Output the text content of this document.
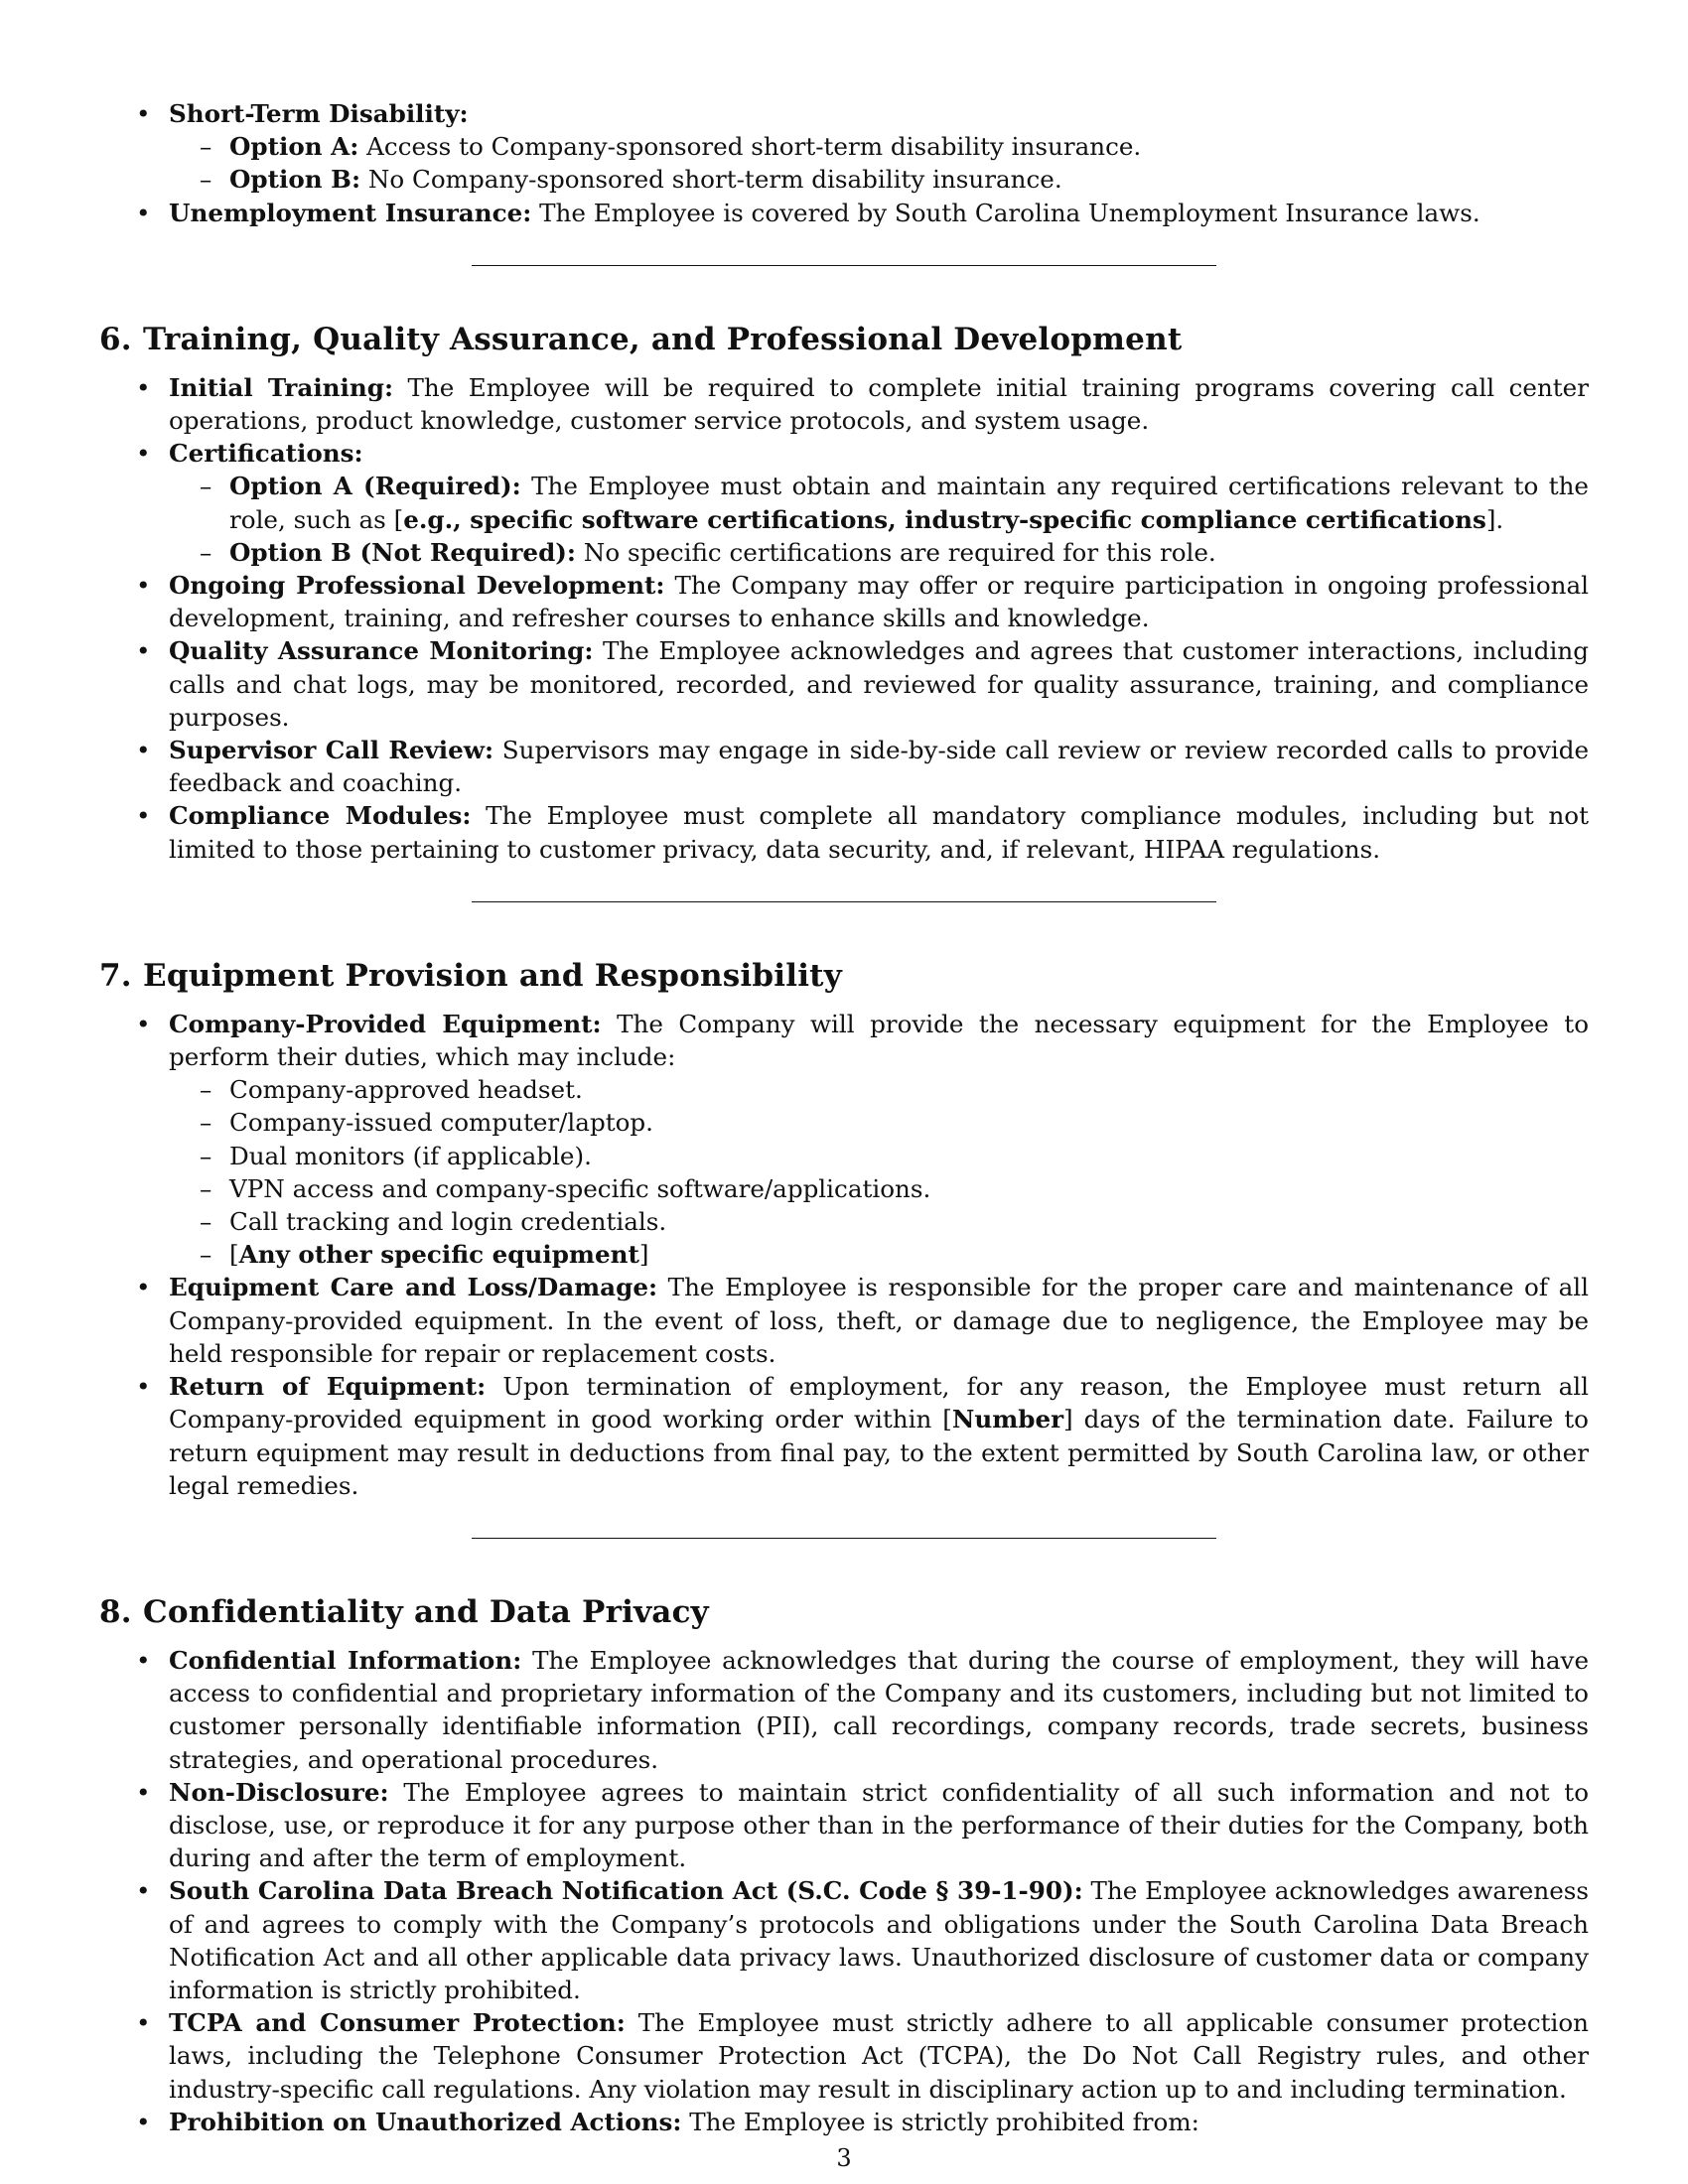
• Short-Term Disability:
– Option A: Access to Company-sponsored short-term disability insurance.
– Option B: No Company-sponsored short-term disability insurance.
• Unemployment Insurance: The Employee is covered by South Carolina Unemployment Insurance laws.
6. Training, Quality Assurance, and Professional Development
• Initial Training: The Employee will be required to complete initial training programs covering call center operations, product knowledge, customer service protocols, and system usage.
• Certifications:
– Option A (Required): The Employee must obtain and maintain any required certifications relevant to the role, such as [e.g., specific software certifications, industry-specific compliance certifications].
– Option B (Not Required): No specific certifications are required for this role.
• Ongoing Professional Development: The Company may offer or require participation in ongoing professional development, training, and refresher courses to enhance skills and knowledge.
• Quality Assurance Monitoring: The Employee acknowledges and agrees that customer interactions, including calls and chat logs, may be monitored, recorded, and reviewed for quality assurance, training, and compliance purposes.
• Supervisor Call Review: Supervisors may engage in side-by-side call review or review recorded calls to provide feedback and coaching.
• Compliance Modules: The Employee must complete all mandatory compliance modules, including but not limited to those pertaining to customer privacy, data security, and, if relevant, HIPAA regulations.
7. Equipment Provision and Responsibility
• Company-Provided Equipment: The Company will provide the necessary equipment for the Employee to perform their duties, which may include:
– Company-approved headset.
– Company-issued computer/laptop.
– Dual monitors (if applicable).
– VPN access and company-specific software/applications.
– Call tracking and login credentials.
– [Any other specific equipment]
• Equipment Care and Loss/Damage: The Employee is responsible for the proper care and maintenance of all Company-provided equipment. In the event of loss, theft, or damage due to negligence, the Employee may be held responsible for repair or replacement costs.
• Return of Equipment: Upon termination of employment, for any reason, the Employee must return all Company-provided equipment in good working order within [Number] days of the termination date. Failure to return equipment may result in deductions from final pay, to the extent permitted by South Carolina law, or other legal remedies.
8. Confidentiality and Data Privacy
• Confidential Information: The Employee acknowledges that during the course of employment, they will have access to confidential and proprietary information of the Company and its customers, including but not limited to customer personally identifiable information (PII), call recordings, company records, trade secrets, business strategies, and operational procedures.
• Non-Disclosure: The Employee agrees to maintain strict confidentiality of all such information and not to disclose, use, or reproduce it for any purpose other than in the performance of their duties for the Company, both during and after the term of employment.
• South Carolina Data Breach Notification Act (S.C. Code § 39-1-90): The Employee acknowledges awareness of and agrees to comply with the Company’s protocols and obligations under the South Carolina Data Breach Notification Act and all other applicable data privacy laws. Unauthorized disclosure of customer data or company information is strictly prohibited.
• TCPA and Consumer Protection: The Employee must strictly adhere to all applicable consumer protection laws, including the Telephone Consumer Protection Act (TCPA), the Do Not Call Registry rules, and other industry-specific call regulations. Any violation may result in disciplinary action up to and including termination.
• Prohibition on Unauthorized Actions: The Employee is strictly prohibited from:
3
